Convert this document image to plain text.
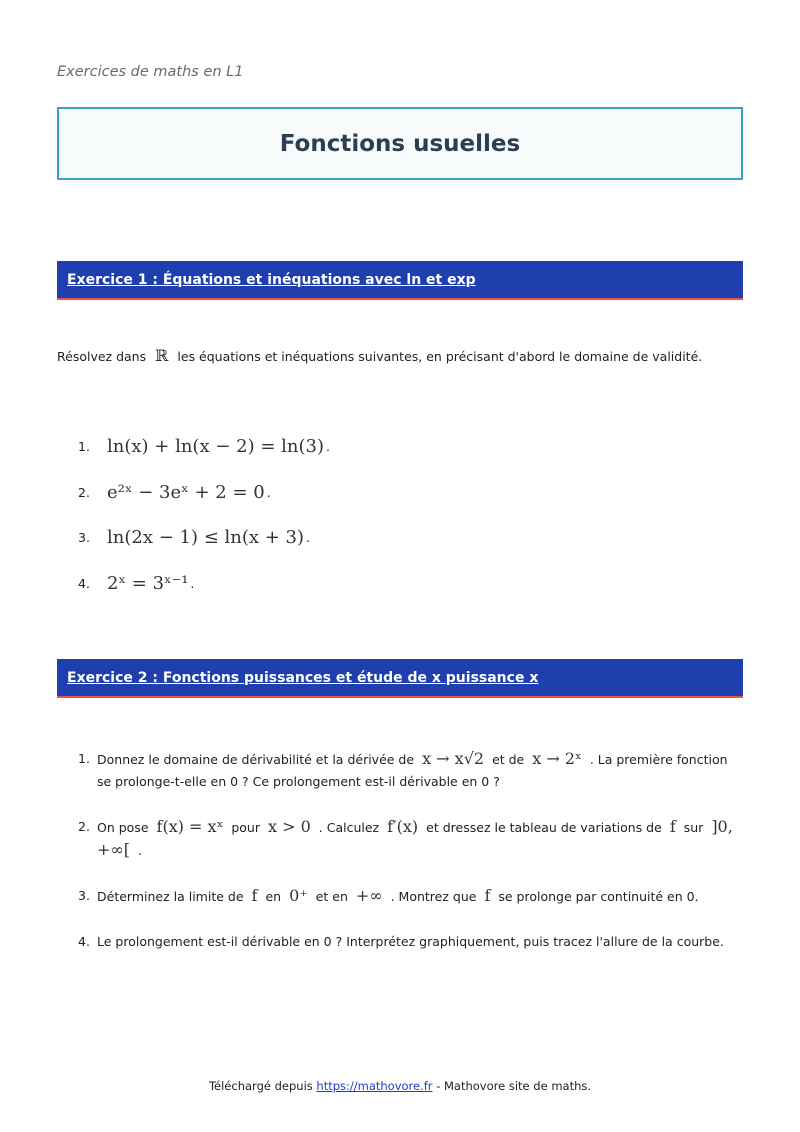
Exercices de maths en L1
Fonctions usuelles
Exercice 1 : Équations et inéquations avec ln et exp
Résolvez dans ℝ les équations et inéquations suivantes, en précisant d'abord le domaine de validité.
1. ln(x) + ln(x − 2) = ln(3) .
2. e²ˣ − 3eˣ + 2 = 0 .
3. ln(2x − 1) ≤ ln(x + 3) .
4. 2ˣ = 3ˣ⁻¹ .
Exercice 2 : Fonctions puissances et étude de x puissance x
1. Donnez le domaine de dérivabilité et la dérivée de x → x√2 et de x → 2ˣ . La première fonction se prolonge-t-elle en 0 ? Ce prolongement est-il dérivable en 0 ?
2. On pose f(x) = xˣ pour x > 0 . Calculez f′(x) et dressez le tableau de variations de f sur ]0, +∞[ .
3. Déterminez la limite de f en 0⁺ et en +∞ . Montrez que f se prolonge par continuité en 0.
4. Le prolongement est-il dérivable en 0 ? Interprétez graphiquement, puis tracez l'allure de la courbe.
Téléchargé depuis https://mathovore.fr - Mathovore site de maths.
